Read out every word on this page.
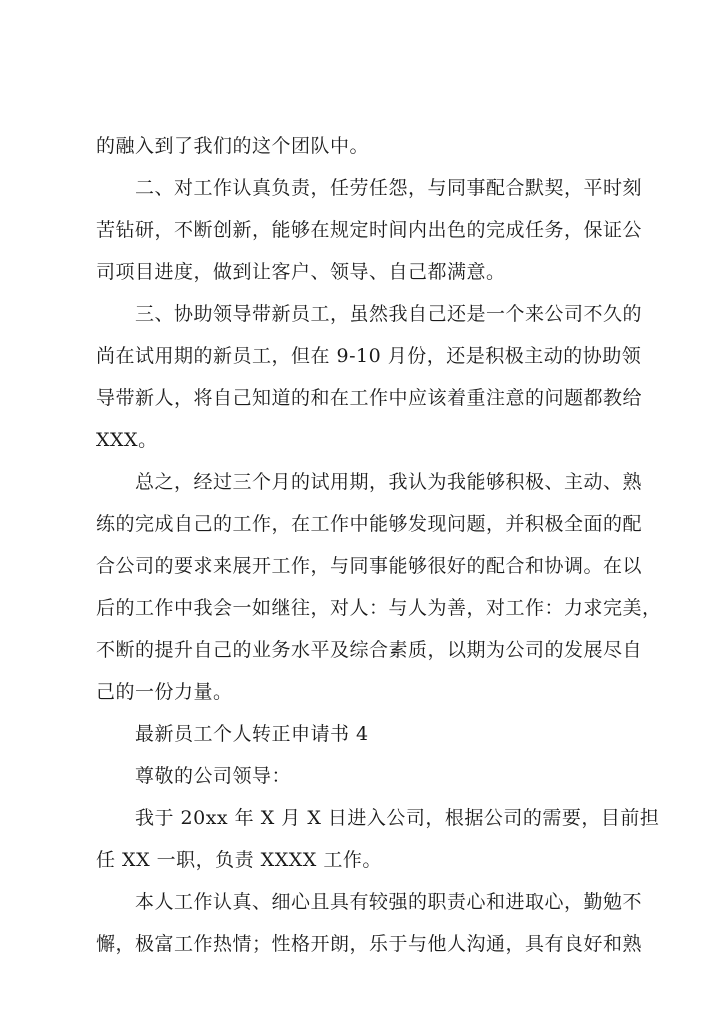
的融入到了我们的这个团队中。
二、对工作认真负责，任劳任怨，与同事配合默契，平时刻
苦钻研，不断创新，能够在规定时间内出色的完成任务，保证公
司项目进度，做到让客户、领导、自己都满意。
三、协助领导带新员工，虽然我自己还是一个来公司不久的
尚在试用期的新员工，但在 9-10 月份，还是积极主动的协助领
导带新人，将自己知道的和在工作中应该着重注意的问题都教给
XXX。
总之，经过三个月的试用期，我认为我能够积极、主动、熟
练的完成自己的工作，在工作中能够发现问题，并积极全面的配
合公司的要求来展开工作，与同事能够很好的配合和协调。在以
后的工作中我会一如继往，对人：与人为善，对工作：力求完美，
不断的提升自己的业务水平及综合素质，以期为公司的发展尽自
己的一份力量。
最新员工个人转正申请书 4
尊敬的公司领导：
我于 20xx 年 X 月 X 日进入公司，根据公司的需要，目前担
任 XX 一职，负责 XXXX 工作。
本人工作认真、细心且具有较强的职责心和进取心，勤勉不
懈，极富工作热情；性格开朗，乐于与他人沟通，具有良好和熟
